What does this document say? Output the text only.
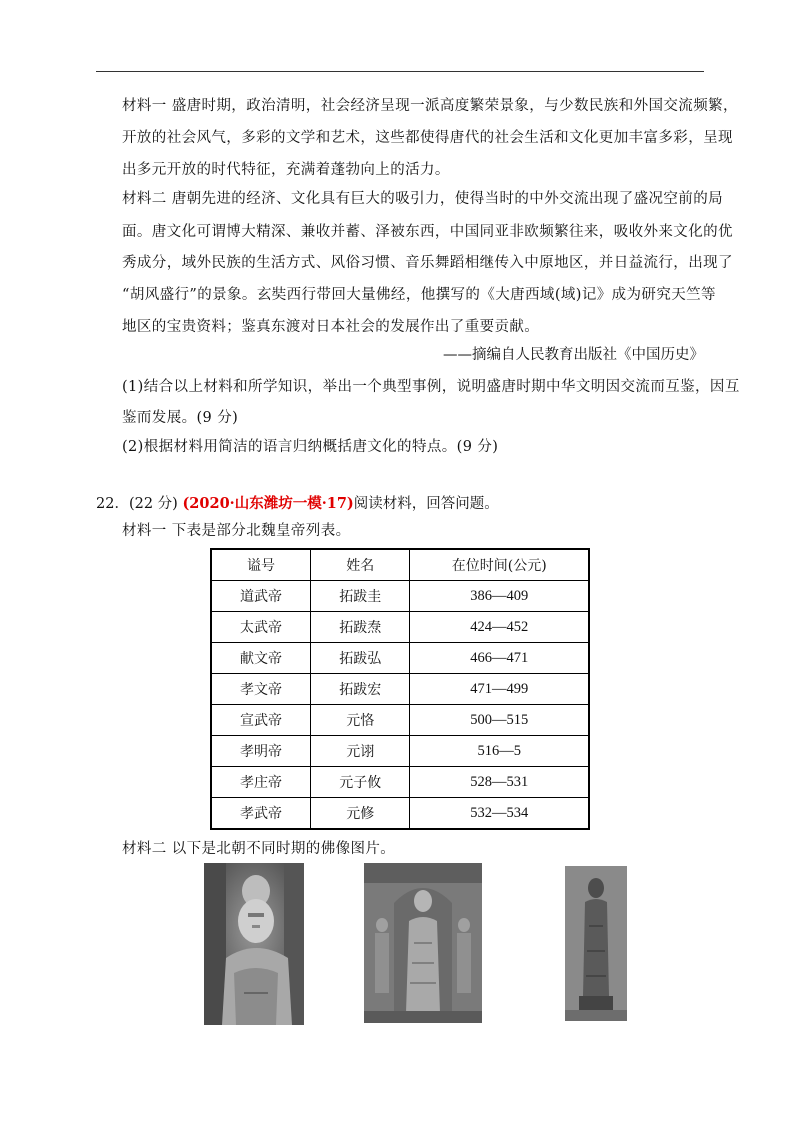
材料一 盛唐时期，政治清明，社会经济呈现一派高度繁荣景象，与少数民族和外国交流频繁，
开放的社会风气，多彩的文学和艺术，这些都使得唐代的社会生活和文化更加丰富多彩，呈现
出多元开放的时代特征，充满着蓬勃向上的活力。
材料二 唐朝先进的经济、文化具有巨大的吸引力，使得当时的中外交流出现了盛况空前的局
面。唐文化可谓博大精深、兼收并蓄、泽被东西，中国同亚非欧频繁往来，吸收外来文化的优
秀成分，域外民族的生活方式、风俗习惯、音乐舞蹈相继传入中原地区，并日益流行，出现了
“胡风盛行”的景象。玄奘西行带回大量佛经，他撰写的《大唐西域(域)记》成为研究天竺等
地区的宝贵资料；鉴真东渡对日本社会的发展作出了重要贡献。
——摘编自人民教育出版社《中国历史》
(1)结合以上材料和所学知识，举出一个典型事例，说明盛唐时期中华文明因交流而互鉴，因互
鉴而发展。(9 分)
(2)根据材料用简洁的语言归纳概括唐文化的特点。(9 分)
22．(22 分) (2020·山东潍坊一模·17)阅读材料，回答问题。
材料一 下表是部分北魏皇帝列表。
谥号	姓名	在位时间(公元)
道武帝	拓跋圭	386—409
太武帝	拓跋焘	424—452
献文帝	拓跋弘	466—471
孝文帝	拓跋宏	471—499
宣武帝	元恪	500—515
孝明帝	元诩	516—5
孝庄帝	元子攸	528—531
孝武帝	元修	532—534
材料二 以下是北朝不同时期的佛像图片。
